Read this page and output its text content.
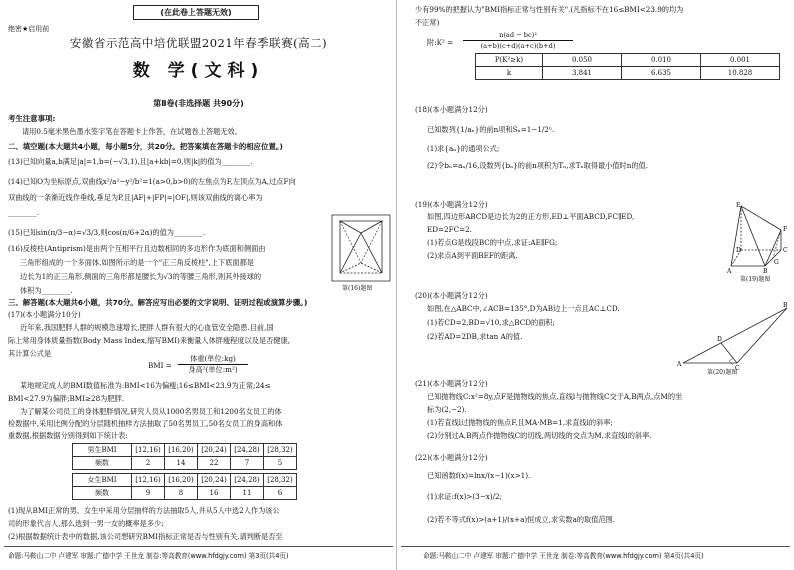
(在此卷上答题无效)
绝密★启用前
安徽省示范高中培优联盟2021年春季联赛(高二)
数 学(文科)
第Ⅱ卷(非选择题 共90分)
考生注意事项:
请用0.5毫米黑色墨水签字笔在答题卡上作答，在试题卷上答题无效。
二、填空题(本大题共4小题，每小题5分，共20分。把答案填在答题卡的相应位置。)
(13)已知向量a,b满足|a|=1,b=(−√3,1),且|a+kb|=0,则|k|的值为________.
(14)已知O为坐标原点,双曲线x²/a²−y²/b²=1(a>0,b>0)的左焦点为F,左顶点为A,过点F向
双曲线的一条渐近线作垂线,垂足为P,且|AF|+|FP|=|OF|,则该双曲线的离心率为
________.
(15)已知sin(π/3−α)=√3/3,则cos(π/6+2α)的值为________.
(16)反棱柱(Antiprism)是由两个互相平行且边数相同的多边形作为底面和侧面由
三角形组成的一个多面体,如图所示的是一个"正三角反棱柱",上下底面都是
边长为1的正三角形,侧面的三角形都是腰长为√3的等腰三角形,则其外接球的
体积为________.	第(16)题图
三、解答题(本大题共6小题，共70分。解答应写出必要的文字说明、证明过程或演算步骤。)
(17)(本小题满分10分)
近年来,我国肥胖人群的规模急速增长,肥胖人群有很大的心血管安全隐患.目前,国
际上常用身体质量指数(Body Mass Index,缩写BMI)来衡量人体胖瘦程度以及是否健康,
其计算公式是
BMI =
体重(单位:kg)
身高²(单位:m²)
某地规定成人的BMI数值标准为:BMI<16为偏瘦;16≤BMI<23.9为正常;24≤
BMI<27.9为偏胖;BMI≥28为肥胖.
为了解某公司员工的身体肥胖情况,研究人员从1000名男员工和1200名女员工的体
检数据中,采用比例分配的分层随机抽样方法抽取了50名男员工,50名女员工的身高和体
重数据,根据数据分别得到如下统计表:
男生BMI	[12,16)	[16,20)	[20,24)	[24,28)	[28,32)
频数	2	14	22	7	5
女生BMI	[12,16)	[16,20)	[20,24)	[24,28)	[28,32)
频数	9	8	16	11	6
(1)现从BMI正常的男、女生中采用分层抽样的方法抽取5人,并从5人中选2人作为该公
司的形象代言人,那么选到一男一女的概率是多少;
(2)根据数据统计表中的数据,该公司想研究BMI指标正常是否与性别有关,请判断是否至
命题:马鞍山二中 卢建军 审题:广德中学 王世龙 制卷:等高教育(www.hfdgjy.com) 第3页(共4页)
少有99%的把握认为"BMI指标正常与性别有关".(凡指标不在16≤BMI<23.9的均为
不正常)
附:K² =
n(ad − bc)²
(a+b)(c+d)(a+c)(b+d)
P(K²≥k)	0.050	0.010	0.001
k	3.841	6.635	10.828
(18)(本小题满分12分)
已知数列{1/aₙ}的前n项和Sₙ=1−1/2ⁿ.
(1)求{aₙ}的通项公式;
(2)令bₙ=aₙ/16,设数列{bₙ}的前n项积为Tₙ,求Tₙ取得最小值时n的值.
(19)(本小题满分12分)
如图,四边形ABCD是边长为2的正方形,ED⊥平面ABCD,FC∥ED,
ED=2FC=2.
(1)若点G是线段BC的中点,求证:AE∥FG;
(2)求点A到平面BEF的距离.
E
F
D	C
A
G
B
第(19)题图
(20)(本小题满分12分)
如图,在△ABC中,∠ACB=135°,D为AB边上一点且AC⊥CD.
(1)若CD=2,BD=√10,求△BCD的面积;
(2)若AD=2DB,求tan A的值.
A
D
C
B
第(20)题图
(21)(本小题满分12分)
已知抛物线C:x²=8y,点F是抛物线的焦点,直线l与抛物线C交于A,B两点,点M的坐
标为(2,−2).
(1)若直线l过抛物线的焦点F,且MA·MB=1,求直线l的斜率;
(2)分别过A,B两点作抛物线C的切线,两切线的交点为M,求直线l的斜率.
(22)(本小题满分12分)
已知函数f(x)=lnx/(x−1)(x>1).
(1)求证:f(x)>(3−x)/2;
(2)若不等式f(x)>(a+1)/(x+a)恒成立,求实数a的取值范围.
命题:马鞍山二中 卢建军 审题:广德中学 王世龙 制卷:等高教育(www.hfdgjy.com) 第4页(共4页)
